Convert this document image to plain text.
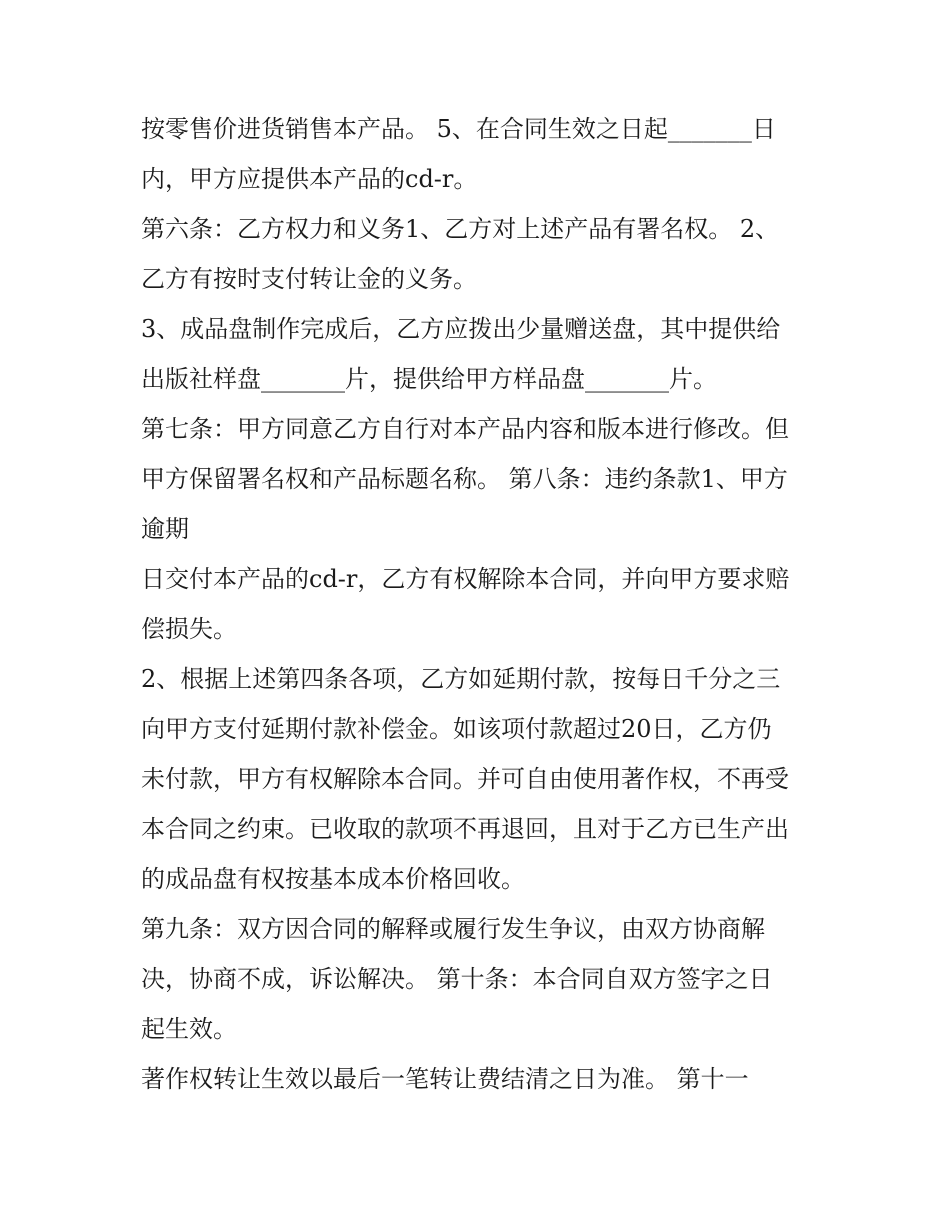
按零售价进货销售本产品。 5、在合同生效之日起_______日
内，甲方应提供本产品的cd-r。
第六条：乙方权力和义务1、乙方对上述产品有署名权。 2、
乙方有按时支付转让金的义务。
3、成品盘制作完成后，乙方应拨出少量赠送盘，其中提供给
出版社样盘_______片，提供给甲方样品盘_______片。
第七条：甲方同意乙方自行对本产品内容和版本进行修改。但
甲方保留署名权和产品标题名称。 第八条：违约条款1、甲方
逾期
日交付本产品的cd-r，乙方有权解除本合同，并向甲方要求赔
偿损失。
2、根据上述第四条各项，乙方如延期付款，按每日千分之三
向甲方支付延期付款补偿金。如该项付款超过20日，乙方仍
未付款，甲方有权解除本合同。并可自由使用著作权，不再受
本合同之约束。已收取的款项不再退回，且对于乙方已生产出
的成品盘有权按基本成本价格回收。
第九条：双方因合同的解释或履行发生争议，由双方协商解
决，协商不成，诉讼解决。 第十条：本合同自双方签字之日
起生效。
著作权转让生效以最后一笔转让费结清之日为准。 第十一
